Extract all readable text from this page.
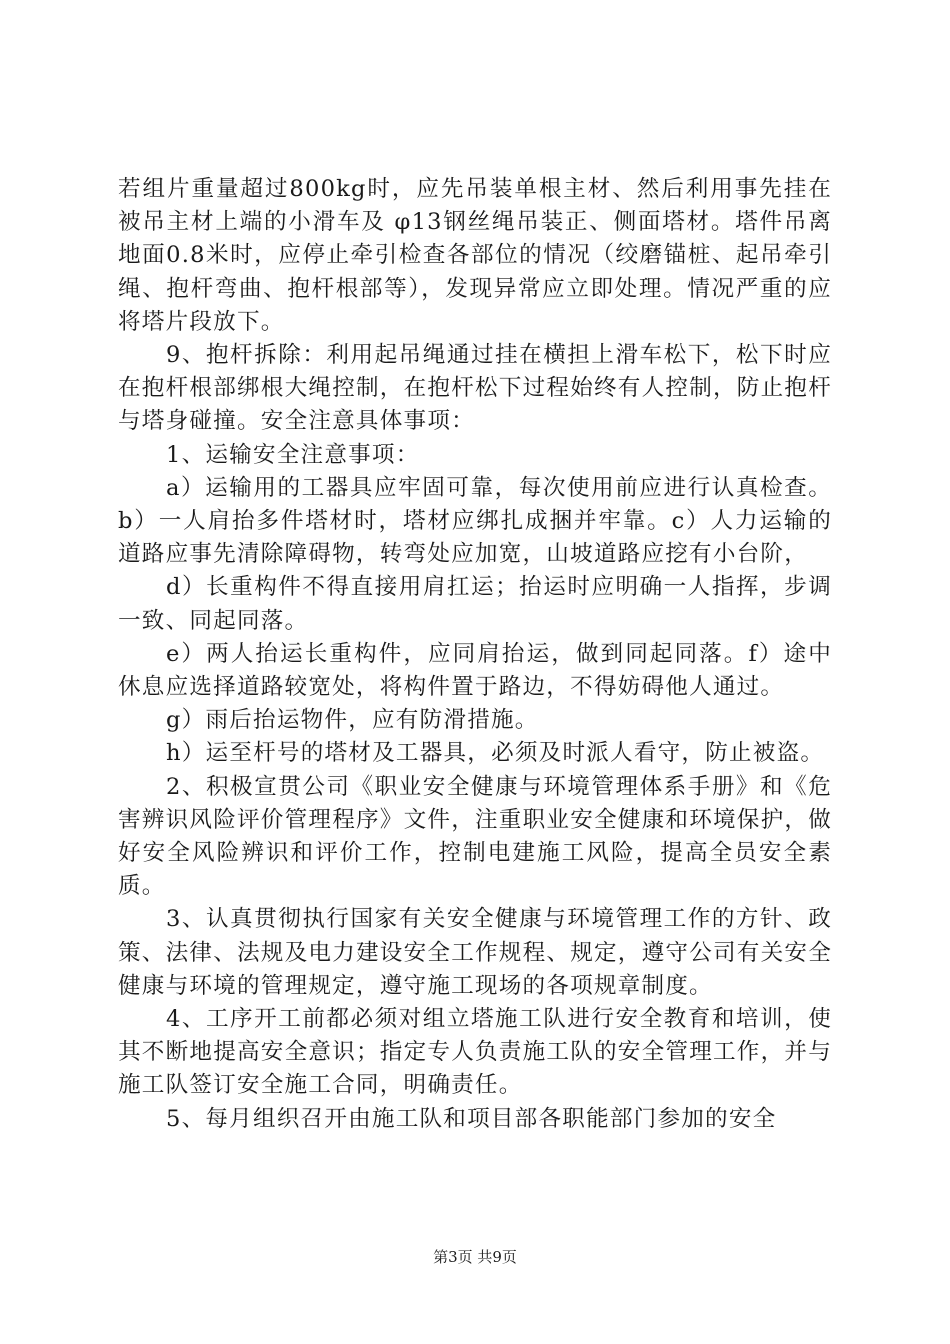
若组片重量超过800kg时，应先吊装单根主材、然后利用事先挂在被吊主材上端的小滑车及 φ13钢丝绳吊装正、侧面塔材。塔件吊离地面0.8米时，应停止牵引检查各部位的情况（绞磨锚桩、起吊牵引绳、抱杆弯曲、抱杆根部等），发现异常应立即处理。情况严重的应将塔片段放下。

9、抱杆拆除：利用起吊绳通过挂在横担上滑车松下，松下时应在抱杆根部绑根大绳控制，在抱杆松下过程始终有人控制，防止抱杆与塔身碰撞。安全注意具体事项：

1、运输安全注意事项：

a）运输用的工器具应牢固可靠，每次使用前应进行认真检查。b）一人肩抬多件塔材时，塔材应绑扎成捆并牢靠。c）人力运输的道路应事先清除障碍物，转弯处应加宽，山坡道路应挖有小台阶，

d）长重构件不得直接用肩扛运；抬运时应明确一人指挥，步调一致、同起同落。

e）两人抬运长重构件，应同肩抬运，做到同起同落。f）途中休息应选择道路较宽处，将构件置于路边，不得妨碍他人通过。

g）雨后抬运物件，应有防滑措施。

h）运至杆号的塔材及工器具，必须及时派人看守，防止被盗。

2、积极宣贯公司《职业安全健康与环境管理体系手册》和《危害辨识风险评价管理程序》文件，注重职业安全健康和环境保护，做好安全风险辨识和评价工作，控制电建施工风险，提高全员安全素质。

3、认真贯彻执行国家有关安全健康与环境管理工作的方针、政策、法律、法规及电力建设安全工作规程、规定，遵守公司有关安全健康与环境的管理规定，遵守施工现场的各项规章制度。

4、工序开工前都必须对组立塔施工队进行安全教育和培训，使其不断地提高安全意识；指定专人负责施工队的安全管理工作，并与施工队签订安全施工合同，明确责任。

5、每月组织召开由施工队和项目部各职能部门参加的安全

第3页 共9页
